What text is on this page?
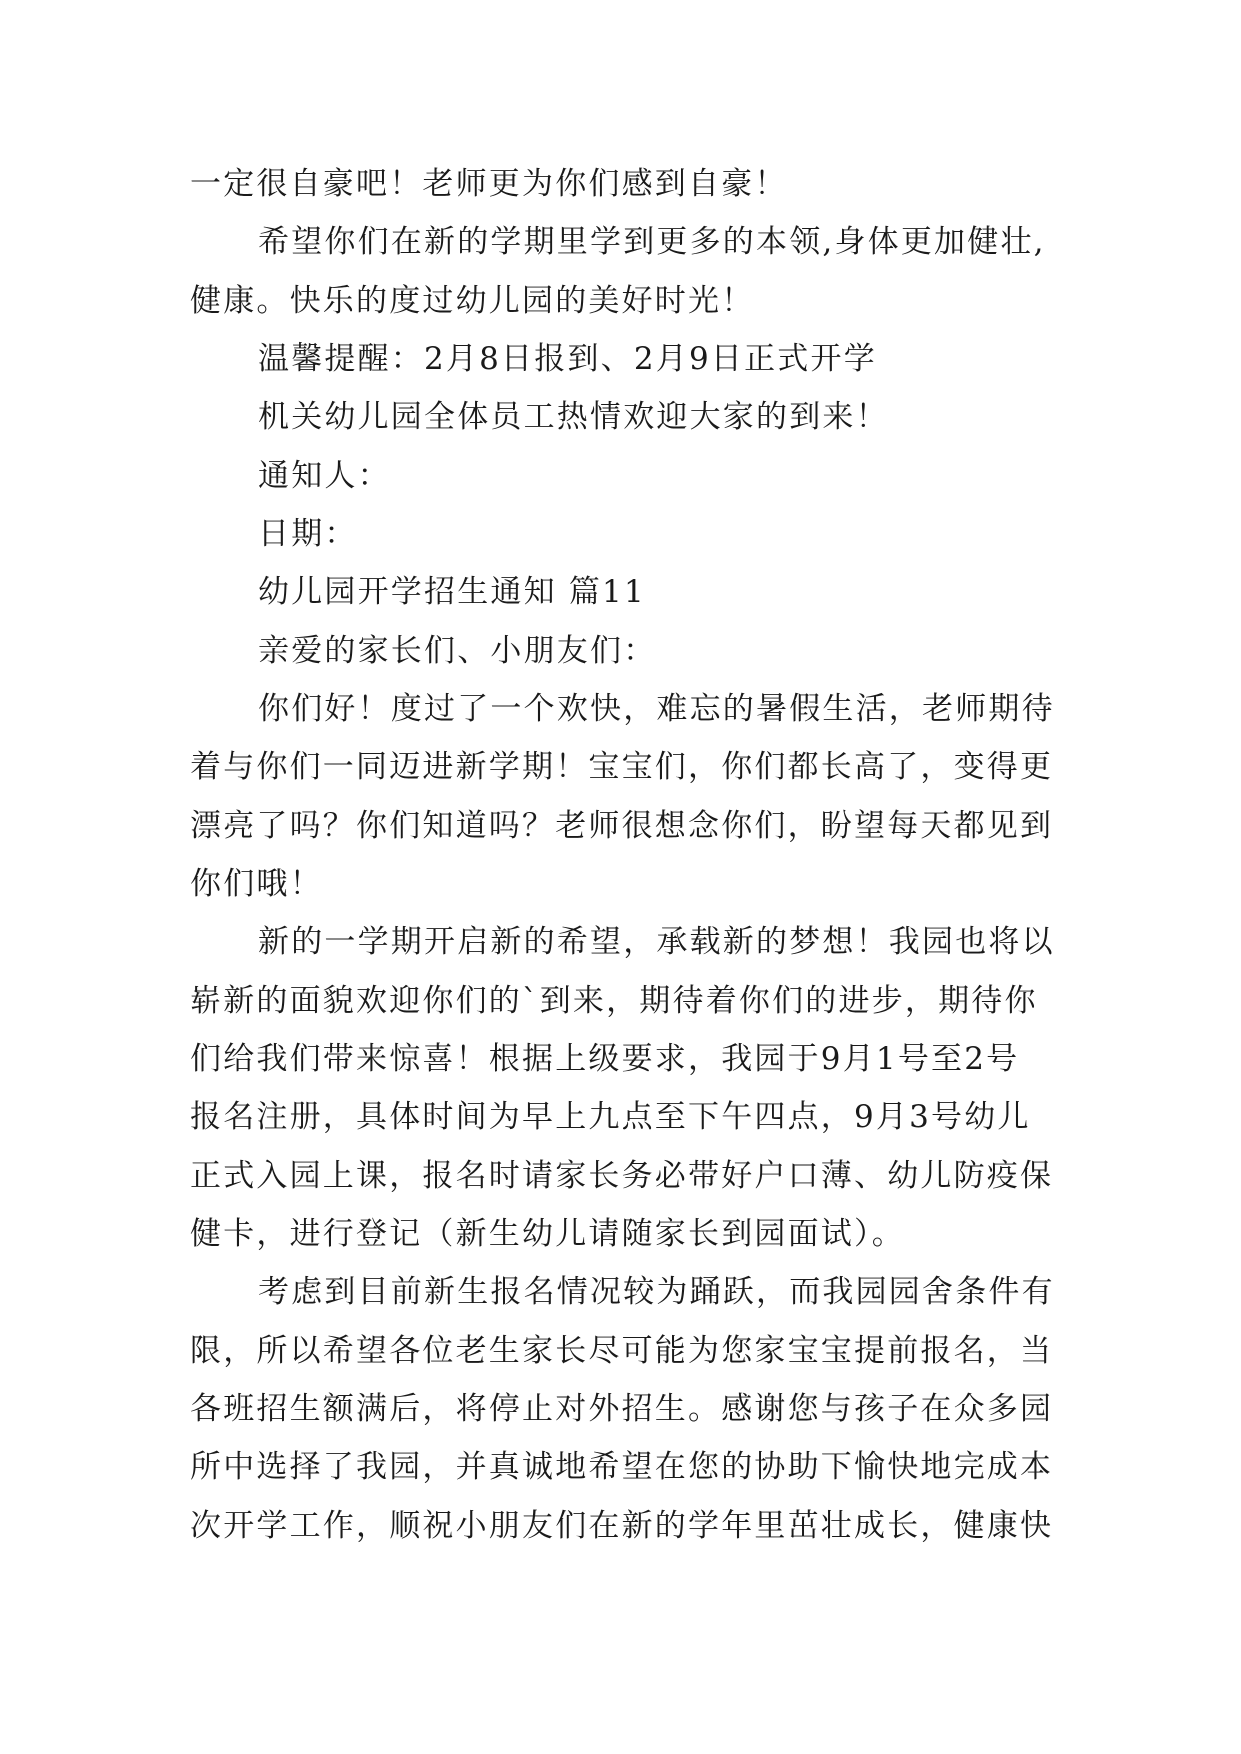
一定很自豪吧！老师更为你们感到自豪！
希望你们在新的学期里学到更多的本领,身体更加健壮,
健康。快乐的度过幼儿园的美好时光！
温馨提醒：2月8日报到、2月9日正式开学
机关幼儿园全体员工热情欢迎大家的到来！
通知人：
日期：
幼儿园开学招生通知 篇11
亲爱的家长们、小朋友们：
你们好！度过了一个欢快，难忘的暑假生活，老师期待
着与你们一同迈进新学期！宝宝们，你们都长高了，变得更
漂亮了吗？你们知道吗？老师很想念你们，盼望每天都见到
你们哦！
新的一学期开启新的希望，承载新的梦想！我园也将以
崭新的面貌欢迎你们的`到来，期待着你们的进步，期待你
们给我们带来惊喜！根据上级要求，我园于9月1号至2号
报名注册，具体时间为早上九点至下午四点，9月3号幼儿
正式入园上课，报名时请家长务必带好户口薄、幼儿防疫保
健卡，进行登记（新生幼儿请随家长到园面试）。
考虑到目前新生报名情况较为踊跃，而我园园舍条件有
限，所以希望各位老生家长尽可能为您家宝宝提前报名，当
各班招生额满后，将停止对外招生。感谢您与孩子在众多园
所中选择了我园，并真诚地希望在您的协助下愉快地完成本
次开学工作，顺祝小朋友们在新的学年里茁壮成长，健康快
